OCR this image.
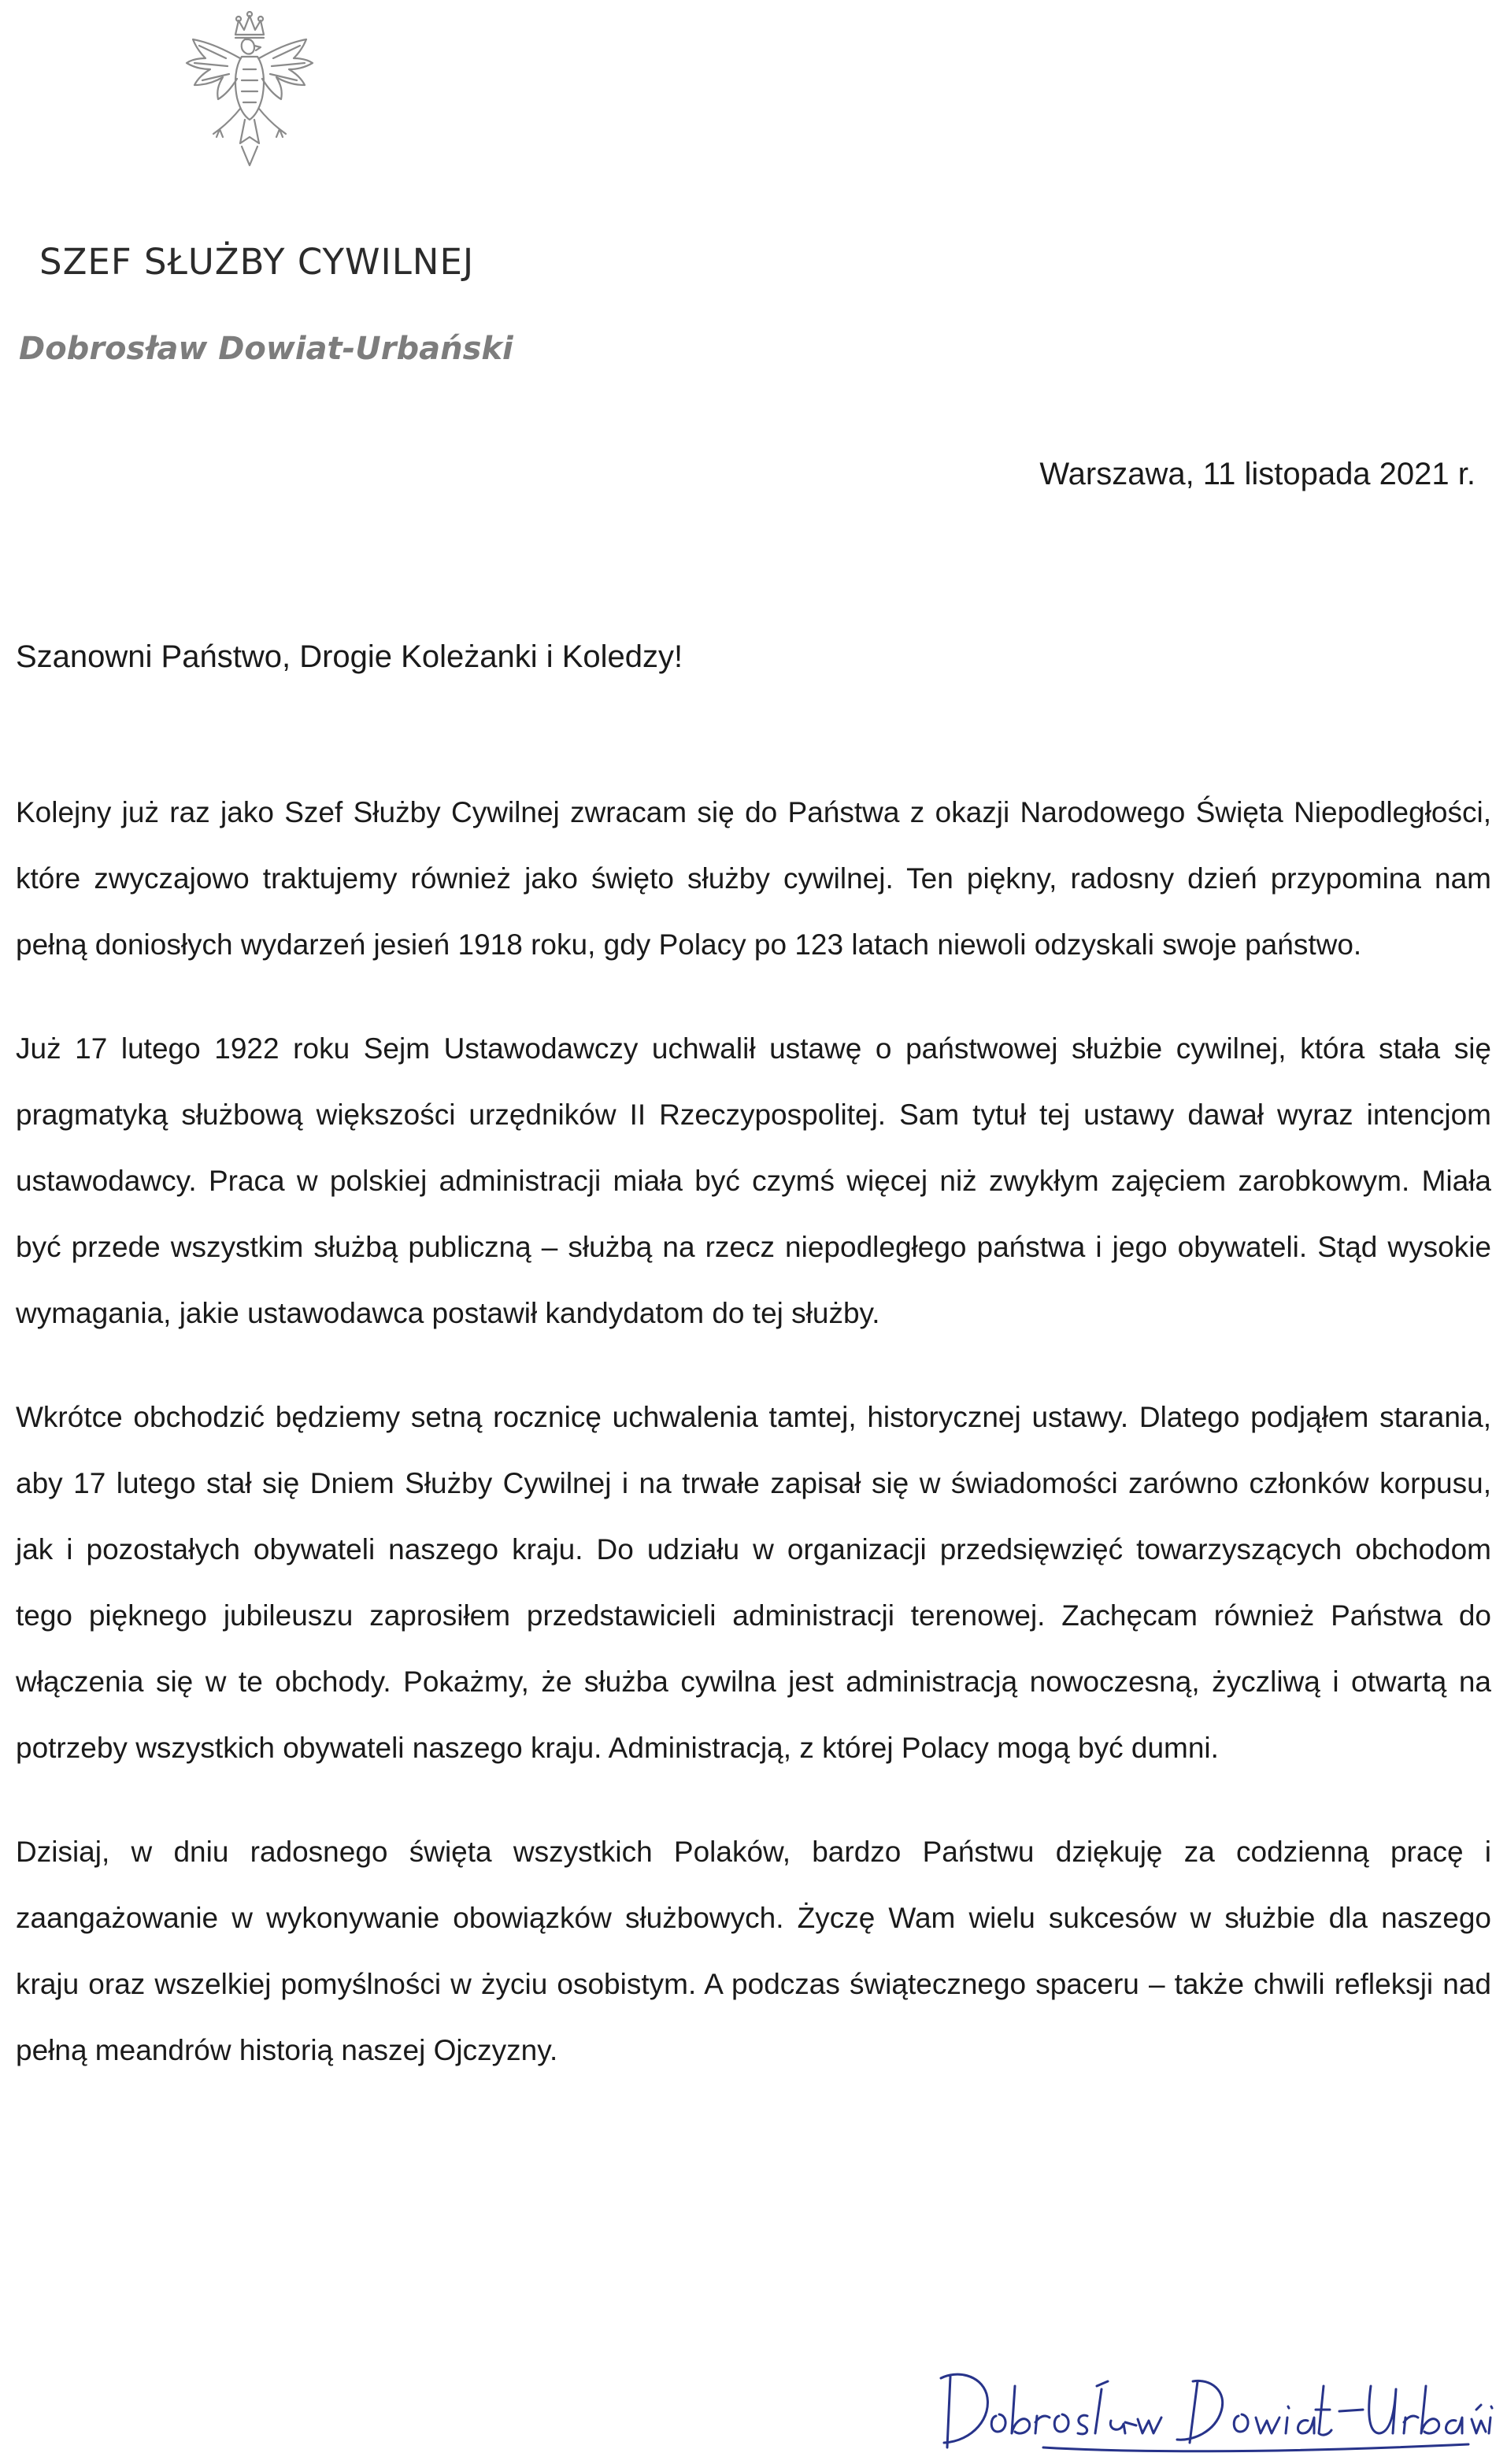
SZEF SŁUŻBY CYWILNEJ
Dobrosław Dowiat-Urbański
Warszawa, 11 listopada 2021 r.
Szanowni Państwo, Drogie Koleżanki i Koledzy!

Kolejny już raz jako Szef Służby Cywilnej zwracam się do Państwa z okazji Narodowego Święta Niepodległości, które zwyczajowo traktujemy również jako święto służby cywilnej. Ten piękny, radosny dzień przypomina nam pełną doniosłych wydarzeń jesień 1918 roku, gdy Polacy po 123 latach niewoli odzyskali swoje państwo.

Już 17 lutego 1922 roku Sejm Ustawodawczy uchwalił ustawę o państwowej służbie cywilnej, która stała się pragmatyką służbową większości urzędników II Rzeczypospolitej. Sam tytuł tej ustawy dawał wyraz intencjom ustawodawcy. Praca w polskiej administracji miała być czymś więcej niż zwykłym zajęciem zarobkowym. Miała być przede wszystkim służbą publiczną – służbą na rzecz niepodległego państwa i jego obywateli. Stąd wysokie wymagania, jakie ustawodawca postawił kandydatom do tej służby.

Wkrótce obchodzić będziemy setną rocznicę uchwalenia tamtej, historycznej ustawy. Dlatego podjąłem starania, aby 17 lutego stał się Dniem Służby Cywilnej i na trwałe zapisał się w świadomości zarówno członków korpusu, jak i pozostałych obywateli naszego kraju. Do udziału w organizacji przedsięwzięć towarzyszących obchodom tego pięknego jubileuszu zaprosiłem przedstawicieli administracji terenowej. Zachęcam również Państwa do włączenia się w te obchody. Pokażmy, że służba cywilna jest administracją nowoczesną, życzliwą i otwartą na potrzeby wszystkich obywateli naszego kraju. Administracją, z której Polacy mogą być dumni.

Dzisiaj, w dniu radosnego święta wszystkich Polaków, bardzo Państwu dziękuję za codzienną pracę i zaangażowanie w wykonywanie obowiązków służbowych. Życzę Wam wielu sukcesów w służbie dla naszego kraju oraz wszelkiej pomyślności w życiu osobistym. A podczas świątecznego spaceru – także chwili refleksji nad pełną meandrów historią naszej Ojczyzny.
